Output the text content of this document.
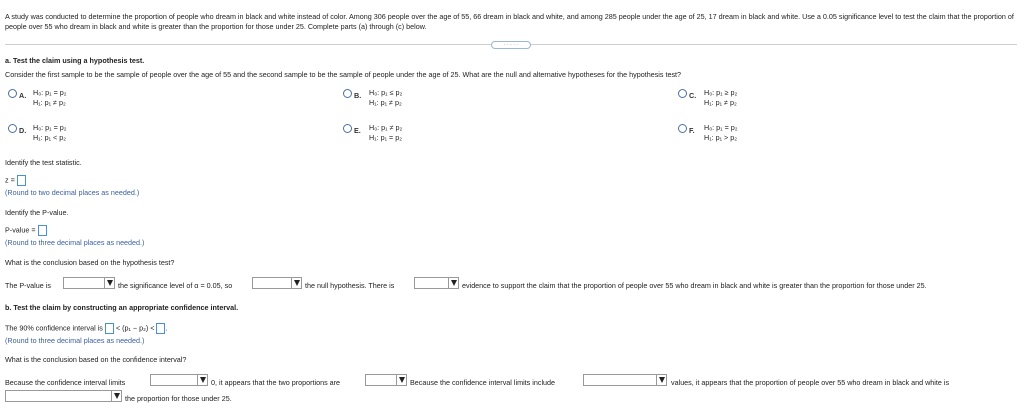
A study was conducted to determine the proportion of people who dream in black and white instead of color. Among 306 people over the age of 55, 66 dream in black and white, and among 285 people under the age of 25, 17 dream in black and white. Use a 0.05 significance level to test the claim that the proportion of people over 55 who dream in black and white is greater than the proportion for those under 25. Complete parts (a) through (c) below.
· · · · ·
a. Test the claim using a hypothesis test.
Consider the first sample to be the sample of people over the age of 55 and the second sample to be the sample of people under the age of 25. What are the null and alternative hypotheses for the hypothesis test?
A. H₀: p₁ = p₂
H₁: p₁ ≠ p₂
B. H₀: p₁ ≤ p₂
H₁: p₁ ≠ p₂
C. H₀: p₁ ≥ p₂
H₁: p₁ ≠ p₂
D. H₀: p₁ = p₂
H₁: p₁ < p₂
E. H₀: p₁ ≠ p₂
H₁: p₁ = p₂
F. H₀: p₁ = p₂
H₁: p₁ > p₂
Identify the test statistic.
z =
(Round to two decimal places as needed.)
Identify the P-value.
P-value =
(Round to three decimal places as needed.)
What is the conclusion based on the hypothesis test?
The P-value is	the significance level of α = 0.05, so	the null hypothesis. There is	evidence to support the claim that the proportion of people over 55 who dream in black and white is greater than the proportion for those under 25.
b. Test the claim by constructing an appropriate confidence interval.
The 90% confidence interval is < (p₁ − p₂) < .
(Round to three decimal places as needed.)
What is the conclusion based on the confidence interval?
Because the confidence interval limits	0, it appears that the two proportions are	Because the confidence interval limits include	values, it appears that the proportion of people over 55 who dream in black and white is
the proportion for those under 25.
